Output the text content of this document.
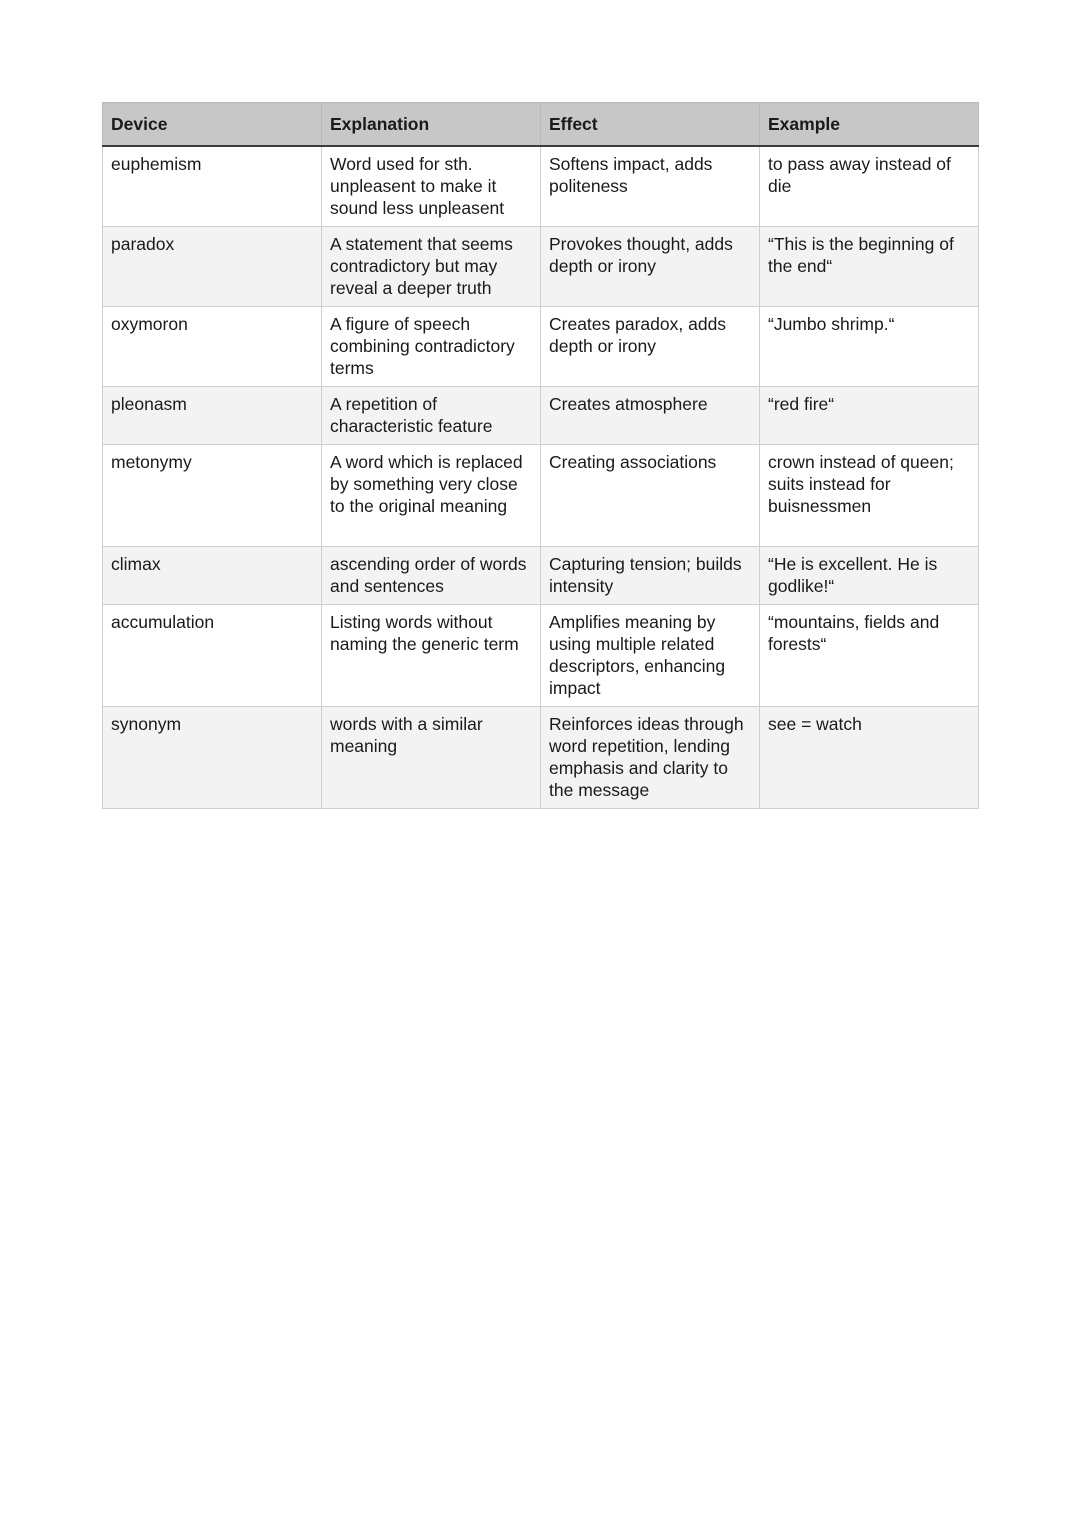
Device	Explanation	Effect	Example
euphemism	Word used for sth. unpleasent to make it sound less unpleasent	Softens impact, adds politeness	to pass away instead of die
paradox	A statement that seems contradictory but may reveal a deeper truth	Provokes thought, adds depth or irony	“This is the beginning of the end“
oxymoron	A figure of speech combining contradictory terms	Creates paradox, adds depth or irony	“Jumbo shrimp.“
pleonasm	A repetition of characteristic feature	Creates atmosphere	“red fire“
metonymy	A word which is replaced by something very close to the original meaning	Creating associations	crown instead of queen; suits instead for buisnessmen
climax	ascending order of words and sentences	Capturing tension; builds intensity	“He is excellent. He is godlike!“
accumulation	Listing words without naming the generic term	Amplifies meaning by using multiple related descriptors, enhancing impact	“mountains, fields and forests“
synonym	words with a similar meaning	Reinforces ideas through word repetition, lending emphasis and clarity to the message	see = watch
